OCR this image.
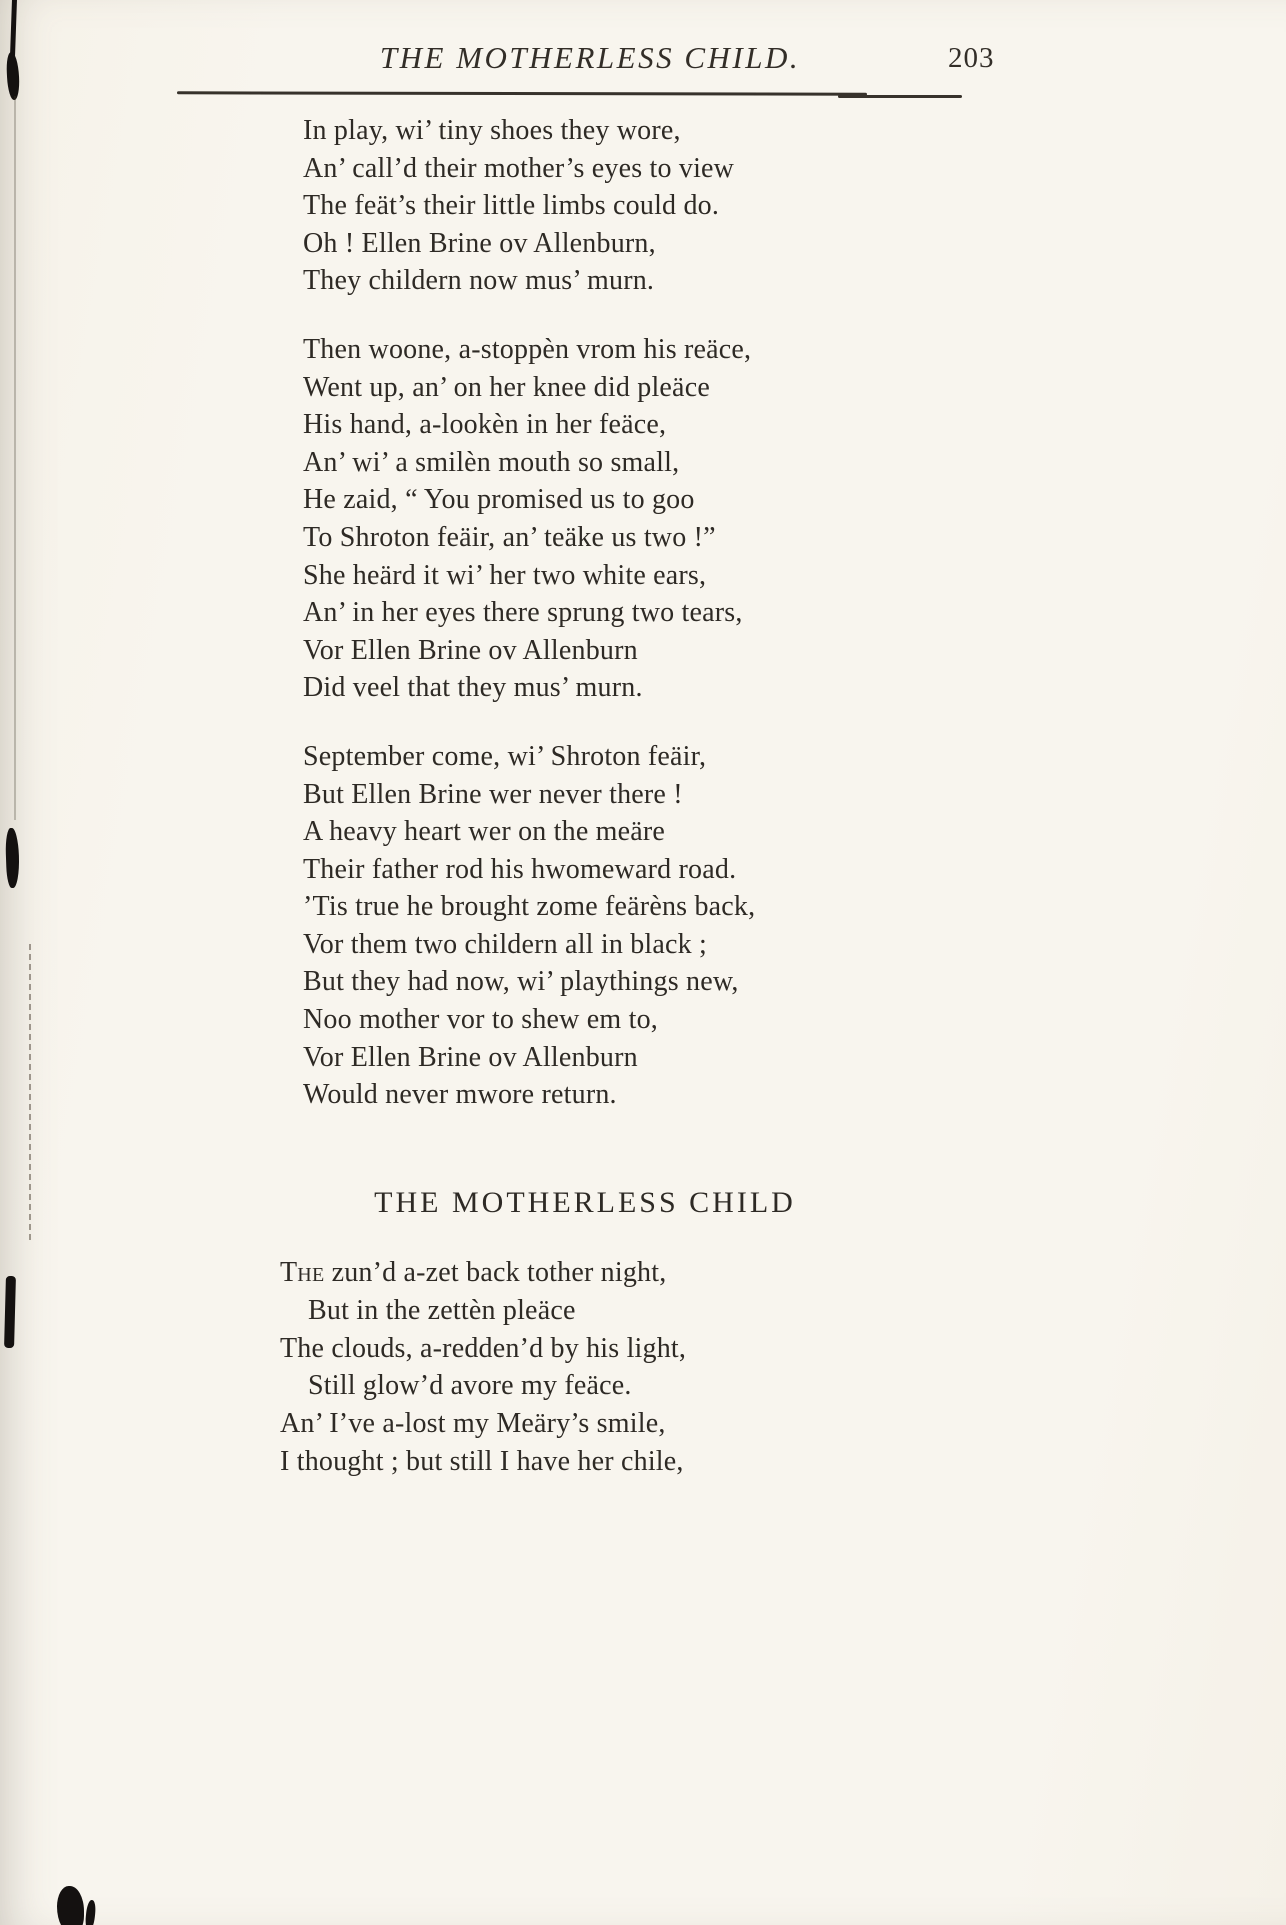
THE MOTHERLESS CHILD.	203
In play, wi’ tiny shoes they wore,
An’ call’d their mother’s eyes to view
The feät’s their little limbs could do.
Oh ! Ellen Brine ov Allenburn,
They childern now mus’ murn.
Then woone, a-stoppèn vrom his reäce,
Went up, an’ on her knee did pleäce
His hand, a-lookèn in her feäce,
An’ wi’ a smilèn mouth so small,
He zaid, “ You promised us to goo
To Shroton feäir, an’ teäke us two !”
She heärd it wi’ her two white ears,
An’ in her eyes there sprung two tears,
Vor Ellen Brine ov Allenburn
Did veel that they mus’ murn.
September come, wi’ Shroton feäir,
But Ellen Brine wer never there !
A heavy heart wer on the meäre
Their father rod his hwomeward road.
’Tis true he brought zome feärèns back,
Vor them two childern all in black ;
But they had now, wi’ playthings new,
Noo mother vor to shew em to,
Vor Ellen Brine ov Allenburn
Would never mwore return.
THE MOTHERLESS CHILD
The zun’d a-zet back tother night,
But in the zettèn pleäce
The clouds, a-redden’d by his light,
Still glow’d avore my feäce.
An’ I’ve a-lost my Meäry’s smile,
I thought ; but still I have her chile,
